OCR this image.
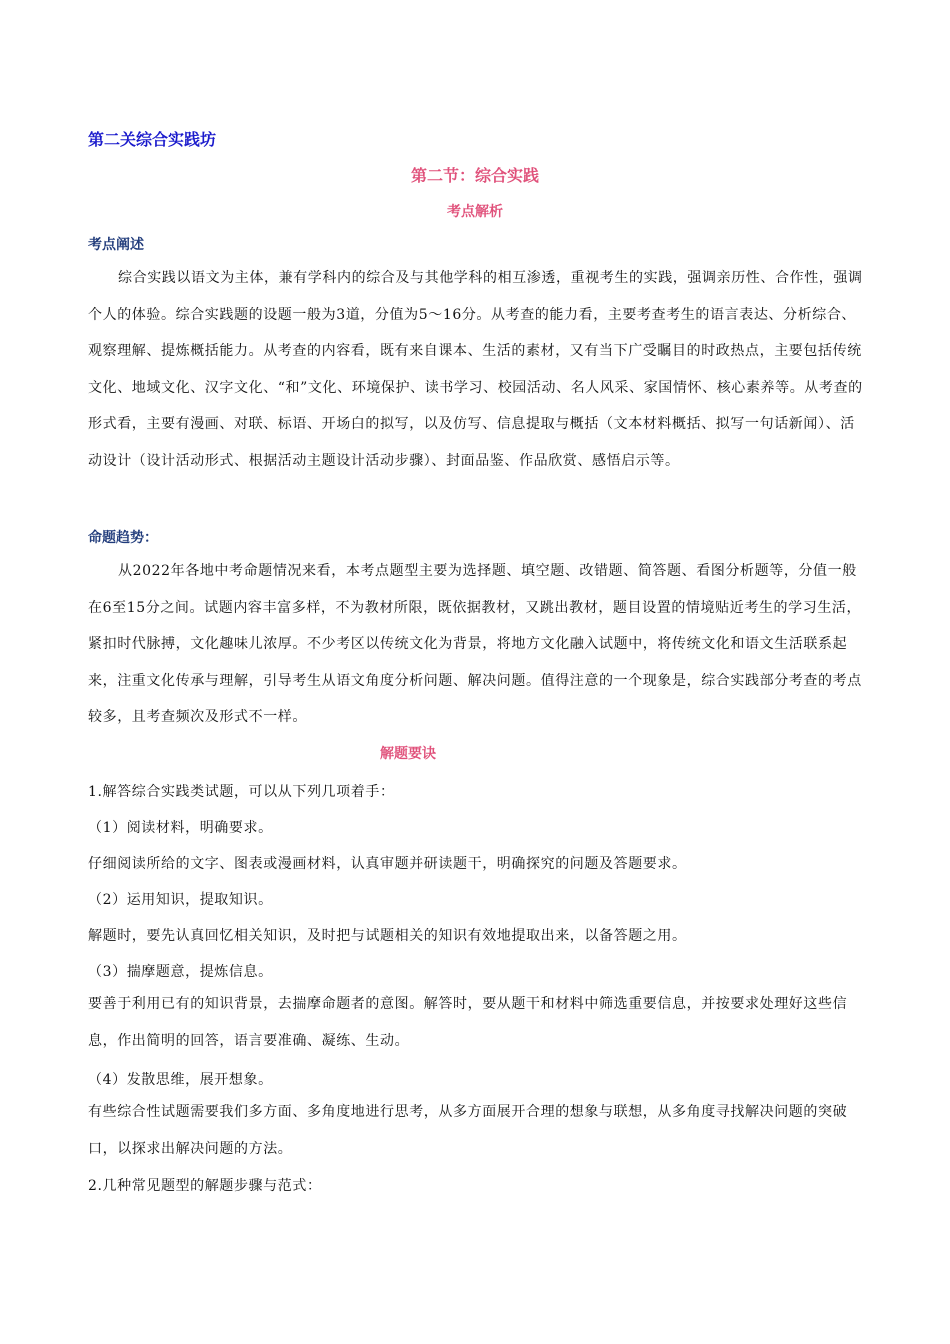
第二关综合实践坊
第二节：综合实践
考点解析
考点阐述

综合实践以语文为主体，兼有学科内的综合及与其他学科的相互渗透，重视考生的实践，强调亲历性、合作性，强调个人的体验。综合实践题的设题一般为3道，分值为5～16分。从考查的能力看，主要考查考生的语言表达、分析综合、观察理解、提炼概括能力。从考查的内容看，既有来自课本、生活的素材，又有当下广受瞩目的时政热点，主要包括传统文化、地域文化、汉字文化、“和”文化、环境保护、读书学习、校园活动、名人风采、家国情怀、核心素养等。从考查的形式看，主要有漫画、对联、标语、开场白的拟写，以及仿写、信息提取与概括（文本材料概括、拟写一句话新闻）、活动设计（设计活动形式、根据活动主题设计活动步骤）、封面品鉴、作品欣赏、感悟启示等。

命题趋势：

从2022年各地中考命题情况来看，本考点题型主要为选择题、填空题、改错题、简答题、看图分析题等，分值一般在6至15分之间。试题内容丰富多样，不为教材所限，既依据教材，又跳出教材，题目设置的情境贴近考生的学习生活，紧扣时代脉搏，文化趣味儿浓厚。不少考区以传统文化为背景，将地方文化融入试题中，将传统文化和语文生活联系起来，注重文化传承与理解，引导考生从语文角度分析问题、解决问题。值得注意的一个现象是，综合实践部分考查的考点较多，且考查频次及形式不一样。

解题要诀
1.解答综合实践类试题，可以从下列几项着手：
（1）阅读材料，明确要求。
仔细阅读所给的文字、图表或漫画材料，认真审题并研读题干，明确探究的问题及答题要求。
（2）运用知识，提取知识。
解题时，要先认真回忆相关知识，及时把与试题相关的知识有效地提取出来，以备答题之用。
（3）揣摩题意，提炼信息。
要善于利用已有的知识背景，去揣摩命题者的意图。解答时，要从题干和材料中筛选重要信息，并按要求处理好这些信息，作出简明的回答，语言要准确、凝练、生动。
（4）发散思维，展开想象。
有些综合性试题需要我们多方面、多角度地进行思考，从多方面展开合理的想象与联想，从多角度寻找解决问题的突破口，以探求出解决问题的方法。
2.几种常见题型的解题步骤与范式：
